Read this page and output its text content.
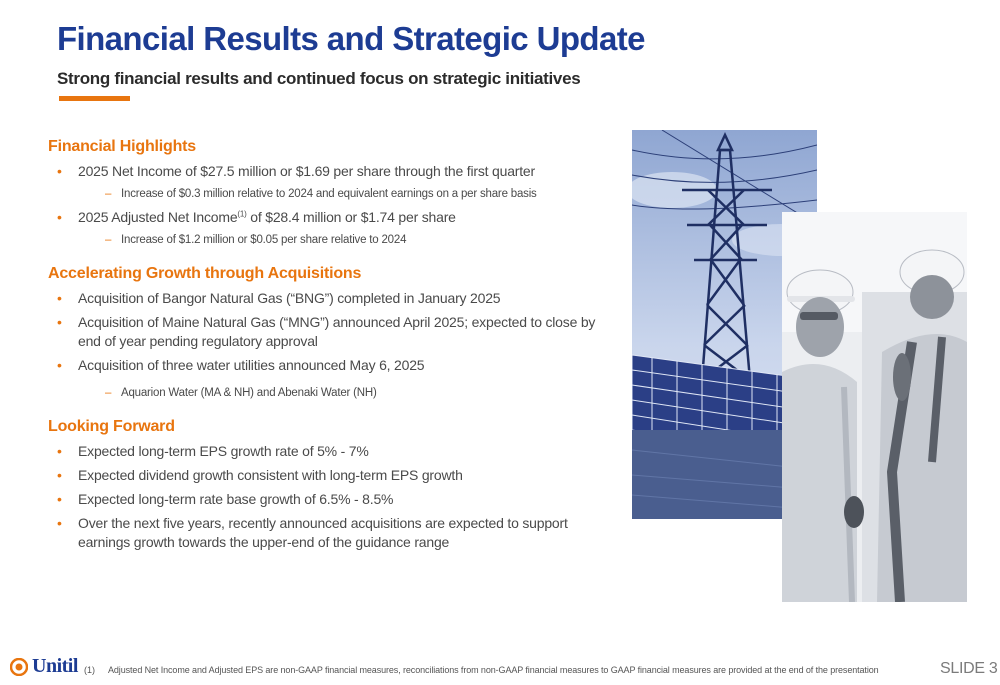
Financial Results and Strategic Update
Strong financial results and continued focus on strategic initiatives
Financial Highlights
• 2025 Net Income of $27.5 million or $1.69 per share through the first quarter
– Increase of $0.3 million relative to 2024 and equivalent earnings on a per share basis
• 2025 Adjusted Net Income$^{(1)}$ of $28.4 million or $1.74 per share
– Increase of $1.2 million or $0.05 per share relative to 2024
Accelerating Growth through Acquisitions
• Acquisition of Bangor Natural Gas (“BNG”) completed in January 2025
• Acquisition of Maine Natural Gas (“MNG”) announced April 2025; expected to close by end of year pending regulatory approval
• Acquisition of three water utilities announced May 6, 2025
– Aquarion Water (MA & NH) and Abenaki Water (NH)
Looking Forward
• Expected long-term EPS growth rate of 5% - 7%
• Expected dividend growth consistent with long-term EPS growth
• Expected long-term rate base growth of 6.5% - 8.5%
• Over the next five years, recently announced acquisitions are expected to support earnings growth towards the upper-end of the guidance range
Unitil (1) Adjusted Net Income and Adjusted EPS are non-GAAP financial measures, reconciliations from non-GAAP financial measures to GAAP financial measures are provided at the end of the presentation	SLIDE 3
